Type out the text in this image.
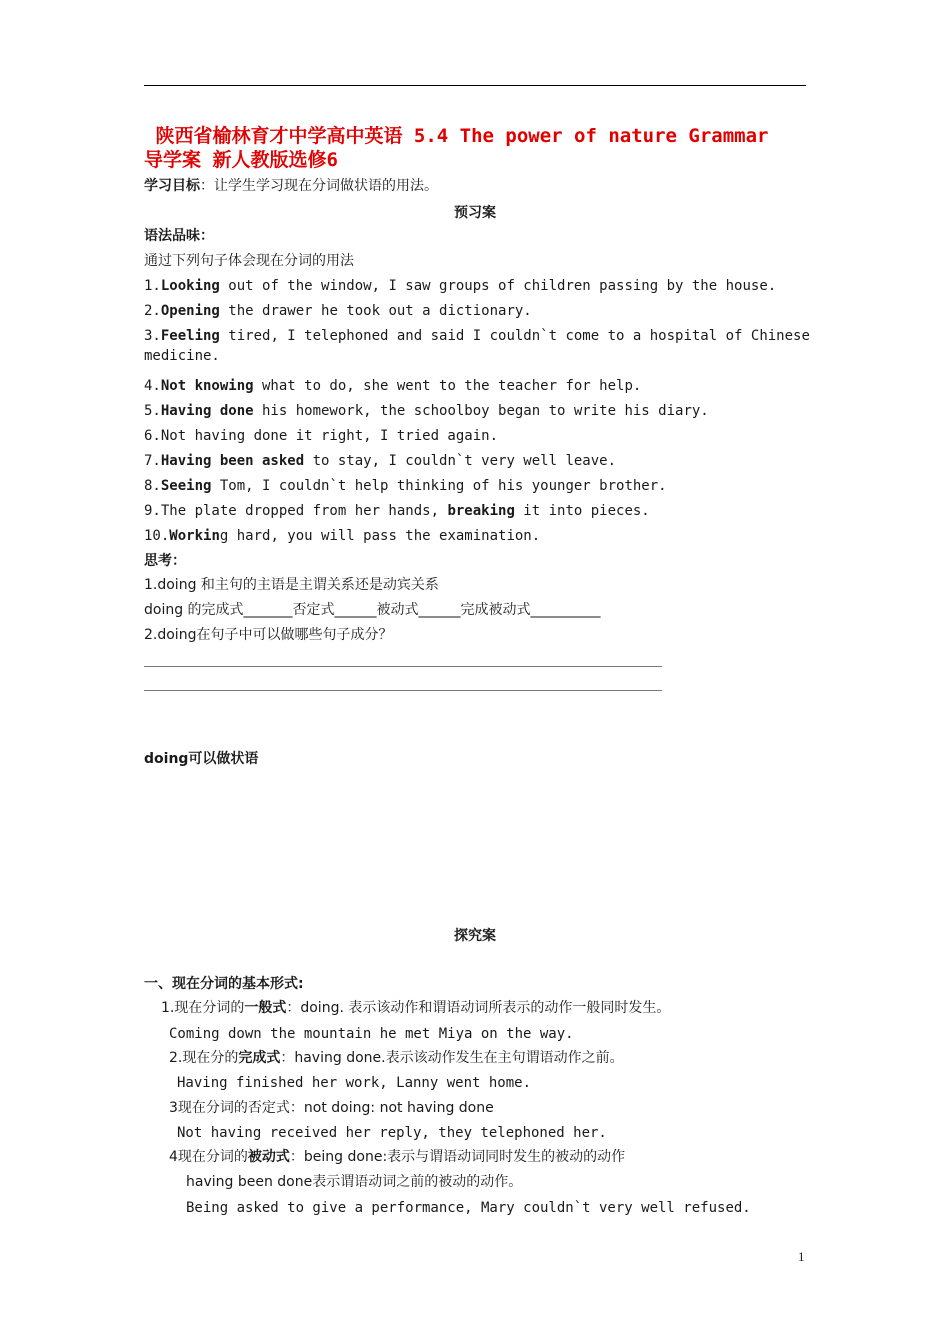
陕西省榆林育才中学高中英语 5.4 The power of nature Grammar
导学案 新人教版选修6
学习目标：让学生学习现在分词做状语的用法。
预习案
语法品味：
通过下列句子体会现在分词的用法
1.Looking out of the window, I saw groups of children passing by the house.
2.Opening the drawer he took out a dictionary.
3.Feeling tired, I telephoned and said I couldn`t come to a hospital of Chinese
medicine.
4.Not knowing what to do, she went to the teacher for help.
5.Having done his homework, the schoolboy began to write his diary.
6.Not having done it right, I tried again.
7.Having been asked to stay, I couldn`t very well leave.
8.Seeing Tom, I couldn`t help thinking of his younger brother.
9.The plate dropped from her hands, breaking it into pieces.
10.Working hard, you will pass the examination.
思考：
1.doing 和主句的主语是主谓关系还是动宾关系
doing 的完成式_______否定式______被动式______完成被动式__________
2.doing在句子中可以做哪些句子成分？
doing可以做状语
探究案
一、现在分词的基本形式:
1.现在分词的一般式：doing. 表示该动作和谓语动词所表示的动作一般同时发生。
Coming down the mountain he met Miya on the way.
2.现在分的完成式：having done.表示该动作发生在主句谓语动作之前。
Having finished her work, Lanny went home.
3现在分词的否定式：not doing: not having done
Not having received her reply, they telephoned her.
4现在分词的被动式：being done:表示与谓语动词同时发生的被动的动作
having been done表示谓语动词之前的被动的动作。
Being asked to give a performance, Mary couldn`t very well refused.
1
